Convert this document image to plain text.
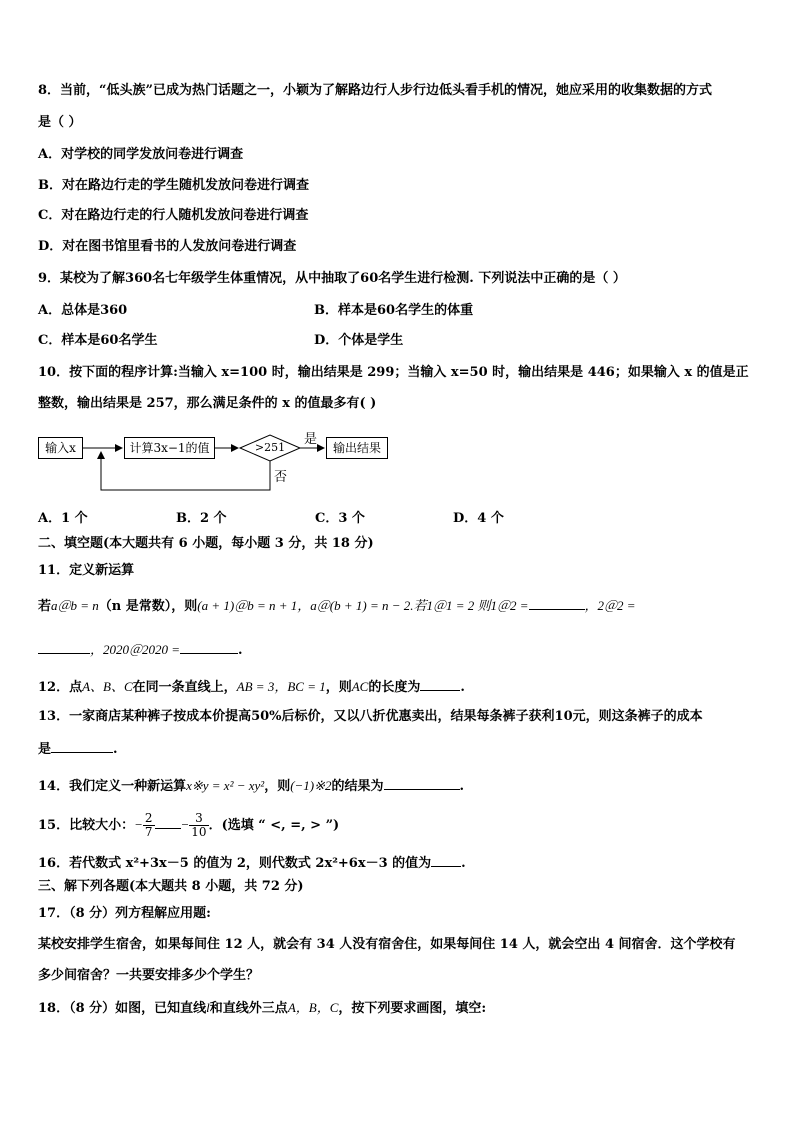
8．当前，“低头族”已成为热门话题之一，小颖为了解路边行人步行边低头看手机的情况，她应采用的收集数据的方式
是（ ）
A．对学校的同学发放问卷进行调查
B．对在路边行走的学生随机发放问卷进行调查
C．对在路边行走的行人随机发放问卷进行调查
D．对在图书馆里看书的人发放问卷进行调查
9．某校为了解360名七年级学生体重情况，从中抽取了60名学生进行检测. 下列说法中正确的是（ ）
A．总体是360	B．样本是60名学生的体重
C．样本是60名学生	D．个体是学生
10．按下面的程序计算:当输入 x=100 时，输出结果是 299；当输入 x=50 时，输出结果是 446；如果输入 x 的值是正
整数，输出结果是 257，那么满足条件的 x 的值最多有( )
输入x	计算3x−1的值	>251
是
否
输出结果
A．1 个	B．2 个	C．3 个	D．4 个
二、填空题(本大题共有 6 小题，每小题 3 分，共 18 分)
11．定义新运算
若a＠b = n（n 是常数），则(a + 1)＠b = n + 1，a＠(b + 1) = n − 2.若1＠1 = 2 则1＠2 =	，2＠2 =
，2020＠2020 =	.
12．点A、B、C在同一条直线上，AB = 3，BC = 1，则AC的长度为	.
13．一家商店某种裤子按成本价提高50%后标价，又以八折优惠卖出，结果每条裤子获利10元，则这条裤子的成本
是	.
14．我们定义一种新运算x※y = x² − xy²，则(−1)※2的结果为	.
15．比较大小：− $\frac{2}{7} - \frac{3}{10}$ ．(选填 “ <, =, > ”)
16．若代数式 x²+3x－5 的值为 2，则代数式 2x²+6x－3 的值为 .
三、解下列各题(本大题共 8 小题，共 72 分)
17．（8 分）列方程解应用题:
某校安排学生宿舍，如果每间住 12 人，就会有 34 人没有宿舍住，如果每间住 14 人，就会空出 4 间宿舍．这个学校有
多少间宿舍？一共要安排多少个学生？
18．（8 分）如图，已知直线l和直线外三点A，B，C，按下列要求画图，填空:
